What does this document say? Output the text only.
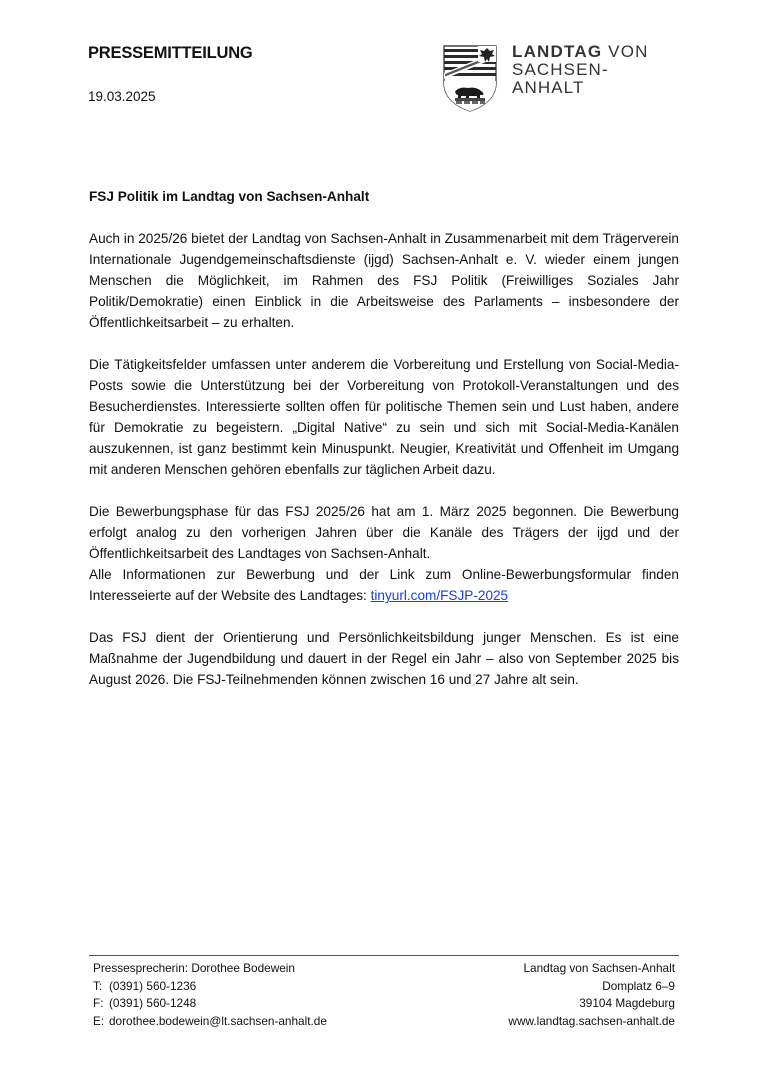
PRESSEMITTEILUNG
19.03.2025
LANDTAG VON
SACHSEN-ANHALT

FSJ Politik im Landtag von Sachsen-Anhalt

Auch in 2025/26 bietet der Landtag von Sachsen-Anhalt in Zusammenarbeit mit dem Trägerverein Internationale Jugendgemeinschaftsdienste (ijgd) Sachsen-Anhalt e. V. wieder einem jungen Menschen die Möglichkeit, im Rahmen des FSJ Politik (Freiwilliges Soziales Jahr Politik/Demokratie) einen Einblick in die Arbeitsweise des Parlaments – insbesondere der Öffentlichkeitsarbeit – zu erhalten.

Die Tätigkeitsfelder umfassen unter anderem die Vorbereitung und Erstellung von Social-Media-Posts sowie die Unterstützung bei der Vorbereitung von Protokoll-Veranstaltungen und des Besucherdienstes. Interessierte sollten offen für politische Themen sein und Lust haben, andere für Demokratie zu begeistern. „Digital Native“ zu sein und sich mit Social-Media-Kanälen auszukennen, ist ganz bestimmt kein Minuspunkt. Neugier, Kreativität und Offenheit im Umgang mit anderen Menschen gehören ebenfalls zur täglichen Arbeit dazu.

Die Bewerbungsphase für das FSJ 2025/26 hat am 1. März 2025 begonnen. Die Bewerbung erfolgt analog zu den vorherigen Jahren über die Kanäle des Trägers der ijgd und der Öffentlichkeitsarbeit des Landtages von Sachsen-Anhalt.

Alle Informationen zur Bewerbung und der Link zum Online-Bewerbungsformular finden Interesseierte auf der Website des Landtages: tinyurl.com/FSJP-2025

Das FSJ dient der Orientierung und Persönlichkeitsbildung junger Menschen. Es ist eine Maßnahme der Jugendbildung und dauert in der Regel ein Jahr – also von September 2025 bis August 2026. Die FSJ-Teilnehmenden können zwischen 16 und 27 Jahre alt sein.

Pressesprecherin: Dorothee Bodewein
T: (0391) 560-1236
F: (0391) 560-1248
E: dorothee.bodewein@lt.sachsen-anhalt.de
Landtag von Sachsen-Anhalt
Domplatz 6–9
39104 Magdeburg
www.landtag.sachsen-anhalt.de
